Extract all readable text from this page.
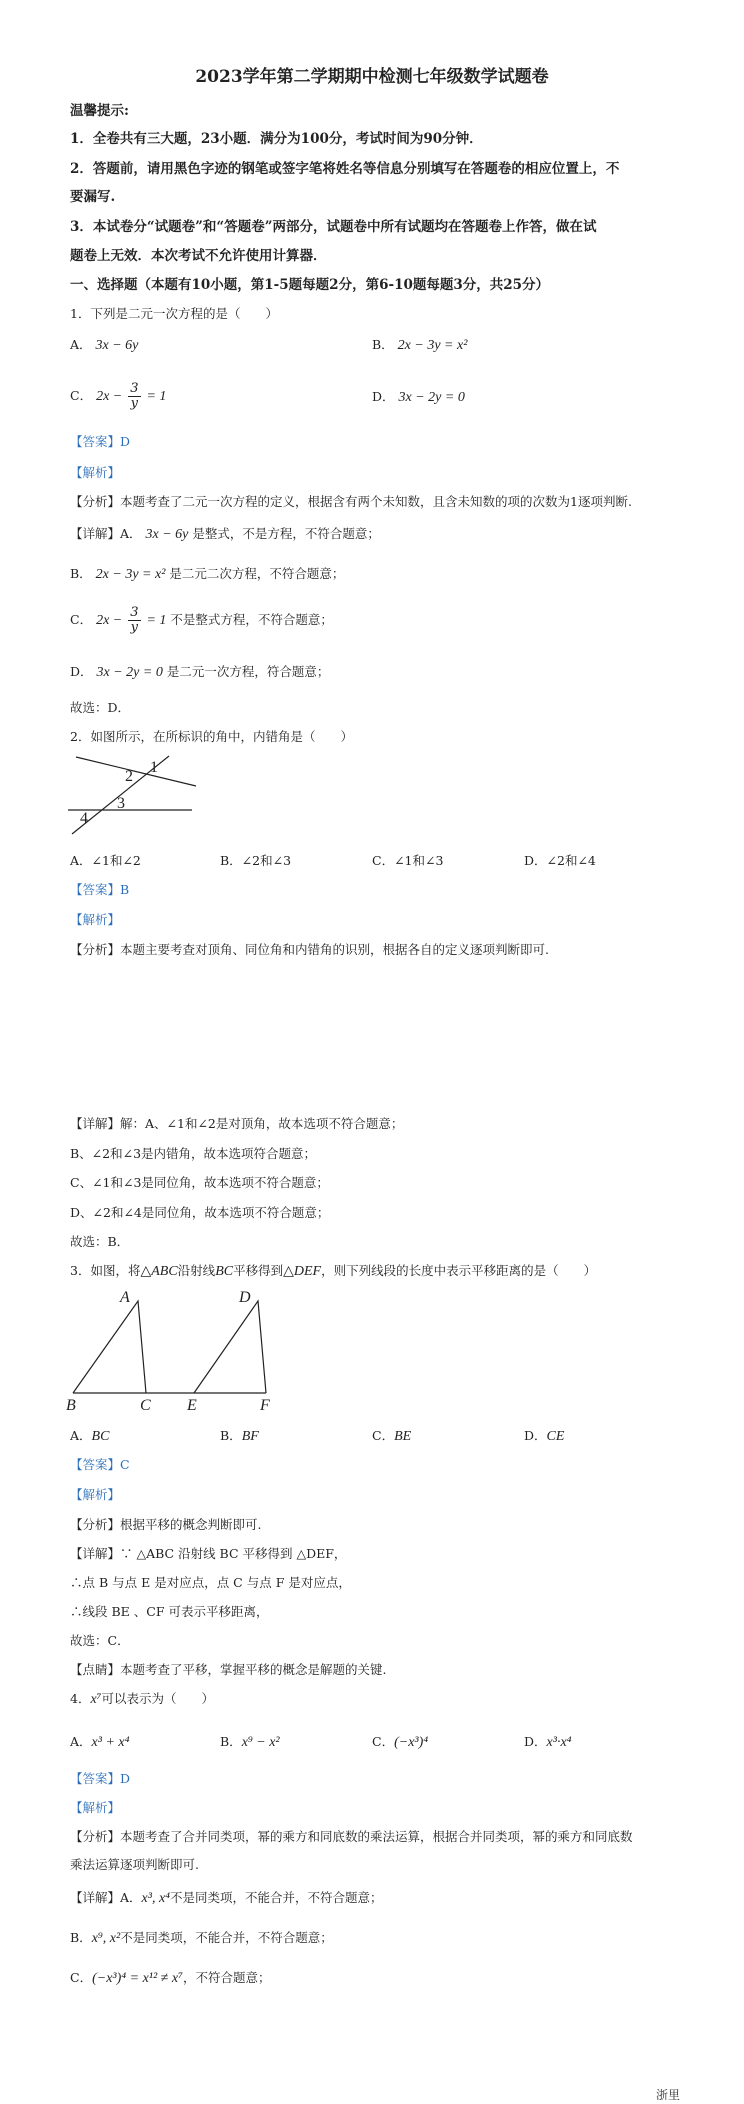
2023学年第二学期期中检测七年级数学试题卷
温馨提示:
1．全卷共有三大题，23小题．满分为100分，考试时间为90分钟．
2．答题前，请用黑色字迹的钢笔或签字笔将姓名等信息分别填写在答题卷的相应位置上，不
要漏写.
3．本试卷分“试题卷”和“答题卷”两部分，试题卷中所有试题均在答题卷上作答，做在试
题卷上无效．本次考试不允许使用计算器．
一、选择题（本题有10小题，第1-5题每题2分，第6-10题每题3分，共25分）
1．下列是二元一次方程的是（　　）
A． 3x − 6y	B． 2x − 3y = x²
C． $2x - \frac{3}{y} = 1$	D． 3x − 2y = 0
【答案】D
【解析】
【分析】本题考查了二元一次方程的定义，根据含有两个未知数，且含未知数的项的次数为1逐项判断.
【详解】A． 3x − 6y 是整式，不是方程，不符合题意；
B． 2x − 3y = x² 是二元二次方程，不符合题意；
C． $2x - \frac{3}{y} = 1$ 不是整式方程，不符合题意；
D． 3x − 2y = 0 是二元一次方程，符合题意；
故选：D．
2．如图所示，在所标识的角中，内错角是（　　）
1
2
3
4
A．∠1和∠2	B．∠2和∠3	C．∠1和∠3	D．∠2和∠4
【答案】B
【解析】
【分析】本题主要考查对顶角、同位角和内错角的识别，根据各自的定义逐项判断即可.
【详解】解：A、∠1和∠2是对顶角，故本选项不符合题意；
B、∠2和∠3是内错角，故本选项符合题意；
C、∠1和∠3是同位角，故本选项不符合题意；
D、∠2和∠4是同位角，故本选项不符合题意；
故选：B．
3．如图，将△ABC沿射线BC平移得到△DEF，则下列线段的长度中表示平移距离的是（　　）
A
B	C
D
E	F
A．BC	B．BF	C．BE	D．CE
【答案】C
【解析】
【分析】根据平移的概念判断即可.
【详解】∵ △ABC 沿射线 BC 平移得到 △DEF，
∴点 B 与点 E 是对应点，点 C 与点 F 是对应点，
∴线段 BE 、CF 可表示平移距离，
故选：C．
【点睛】本题考查了平移，掌握平移的概念是解题的关键.
4．x⁷可以表示为（　　）
A．x³ + x⁴	B．x⁹ − x²	C．(−x³)⁴	D．x³·x⁴
【答案】D
【解析】
【分析】本题考查了合并同类项，幂的乘方和同底数的乘法运算，根据合并同类项，幂的乘方和同底数
乘法运算逐项判断即可.
【详解】A．x³, x⁴不是同类项，不能合并，不符合题意；
B．x⁹, x²不是同类项，不能合并，不符合题意；
C．(−x³)⁴ = x¹² ≠ x⁷，不符合题意；
浙里
